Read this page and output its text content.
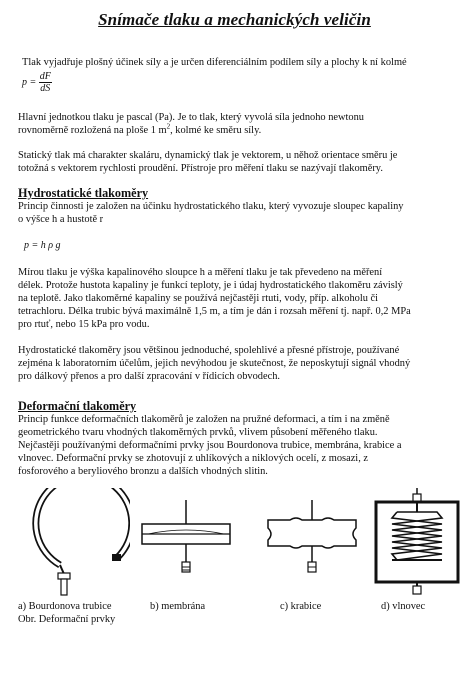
Snímače tlaku a mechanických veličin
Tlak vyjadřuje plošný účinek síly a je určen diferenciálním podílem síly a plochy k ní kolmé
$p = \frac{dF}{dS}$
Hlavní jednotkou tlaku je pascal (Pa). Je to tlak, který vyvolá síla jednoho newtonu
rovnoměrně rozložená na ploše 1 $m^2$, kolmé ke směru síly.
Statický tlak má charakter skaláru, dynamický tlak je vektorem, u něhož orientace směru je
totožná s vektorem rychlosti proudění. Přístroje pro měření tlaku se nazývají tlakoměry.
Hydrostatické tlakoměry
Princip činnosti je založen na účinku hydrostatického tlaku, který vyvozuje sloupec kapaliny
o výšce h a hustotě r
p = h ρ g
Mírou tlaku je výška kapalinového sloupce h a měření tlaku je tak převedeno na měření
délek. Protože hustota kapaliny je funkcí teploty, je i údaj hydrostatického tlakoměru závislý
na teplotě. Jako tlakoměrné kapaliny se používá nejčastěji rtuti, vody, příp. alkoholu či
tetrachloru. Délka trubic bývá maximálně 1,5 m, a tím je dán i rozsah měření tj. např. 0,2 MPa
pro rtuť, nebo 15 kPa pro vodu.
Hydrostatické tlakoměry jsou většinou jednoduché, spolehlivé a přesné přístroje, používané
zejména k laboratorním účelům, jejich nevýhodou je skutečnost, že neposkytují signál vhodný
pro dálkový přenos a pro další zpracování v řídicích obvodech.
Deformační tlakoměry
Princip funkce deformačních tlakoměrů je založen na pružné deformaci, a tím i na změně
geometrického tvaru vhodných tlakoměrných prvků, vlivem působení měřeného tlaku.
Nejčastěji používanými deformačními prvky jsou Bourdonova trubice, membrána, krabice a
vlnovec. Deformační prvky se zhotovují z uhlíkových a niklových ocelí, z mosazi, z
fosforového a beryliového bronzu a dalších vhodných slitin.
a) Bourdonova trubice	b) membrána	c) krabice	d) vlnovec
Obr. Deformační prvky
